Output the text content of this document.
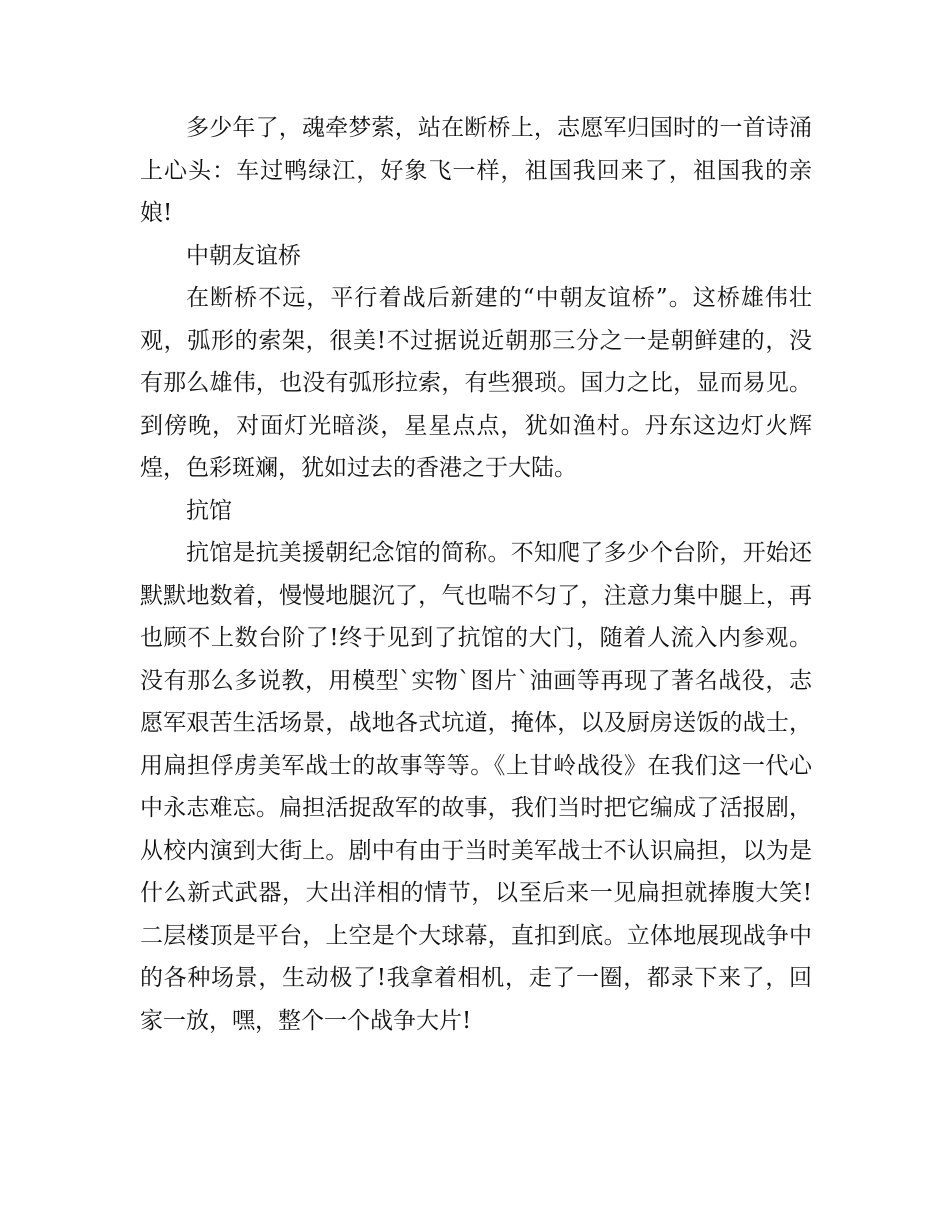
多少年了，魂牵梦萦，站在断桥上，志愿军归国时的一首诗涌上心头：车过鸭绿江，好象飞一样，祖国我回来了，祖国我的亲娘!

中朝友谊桥

在断桥不远，平行着战后新建的“中朝友谊桥”。这桥雄伟壮观，弧形的索架，很美!不过据说近朝那三分之一是朝鲜建的，没有那么雄伟，也没有弧形拉索，有些猥琐。国力之比，显而易见。到傍晚，对面灯光暗淡，星星点点，犹如渔村。丹东这边灯火辉煌，色彩斑斓，犹如过去的香港之于大陆。

抗馆

抗馆是抗美援朝纪念馆的简称。不知爬了多少个台阶，开始还默默地数着，慢慢地腿沉了，气也喘不匀了，注意力集中腿上，再也顾不上数台阶了!终于见到了抗馆的大门，随着人流入内参观。没有那么多说教，用模型`实物`图片`油画等再现了著名战役，志愿军艰苦生活场景，战地各式坑道，掩体，以及厨房送饭的战士，用扁担俘虏美军战士的故事等等。《上甘岭战役》在我们这一代心中永志难忘。扁担活捉敌军的故事，我们当时把它编成了活报剧，从校内演到大街上。剧中有由于当时美军战士不认识扁担，以为是什么新式武器，大出洋相的情节，以至后来一见扁担就捧腹大笑!二层楼顶是平台，上空是个大球幕，直扣到底。立体地展现战争中的各种场景，生动极了!我拿着相机，走了一圈，都录下来了，回家一放，嘿，整个一个战争大片!
